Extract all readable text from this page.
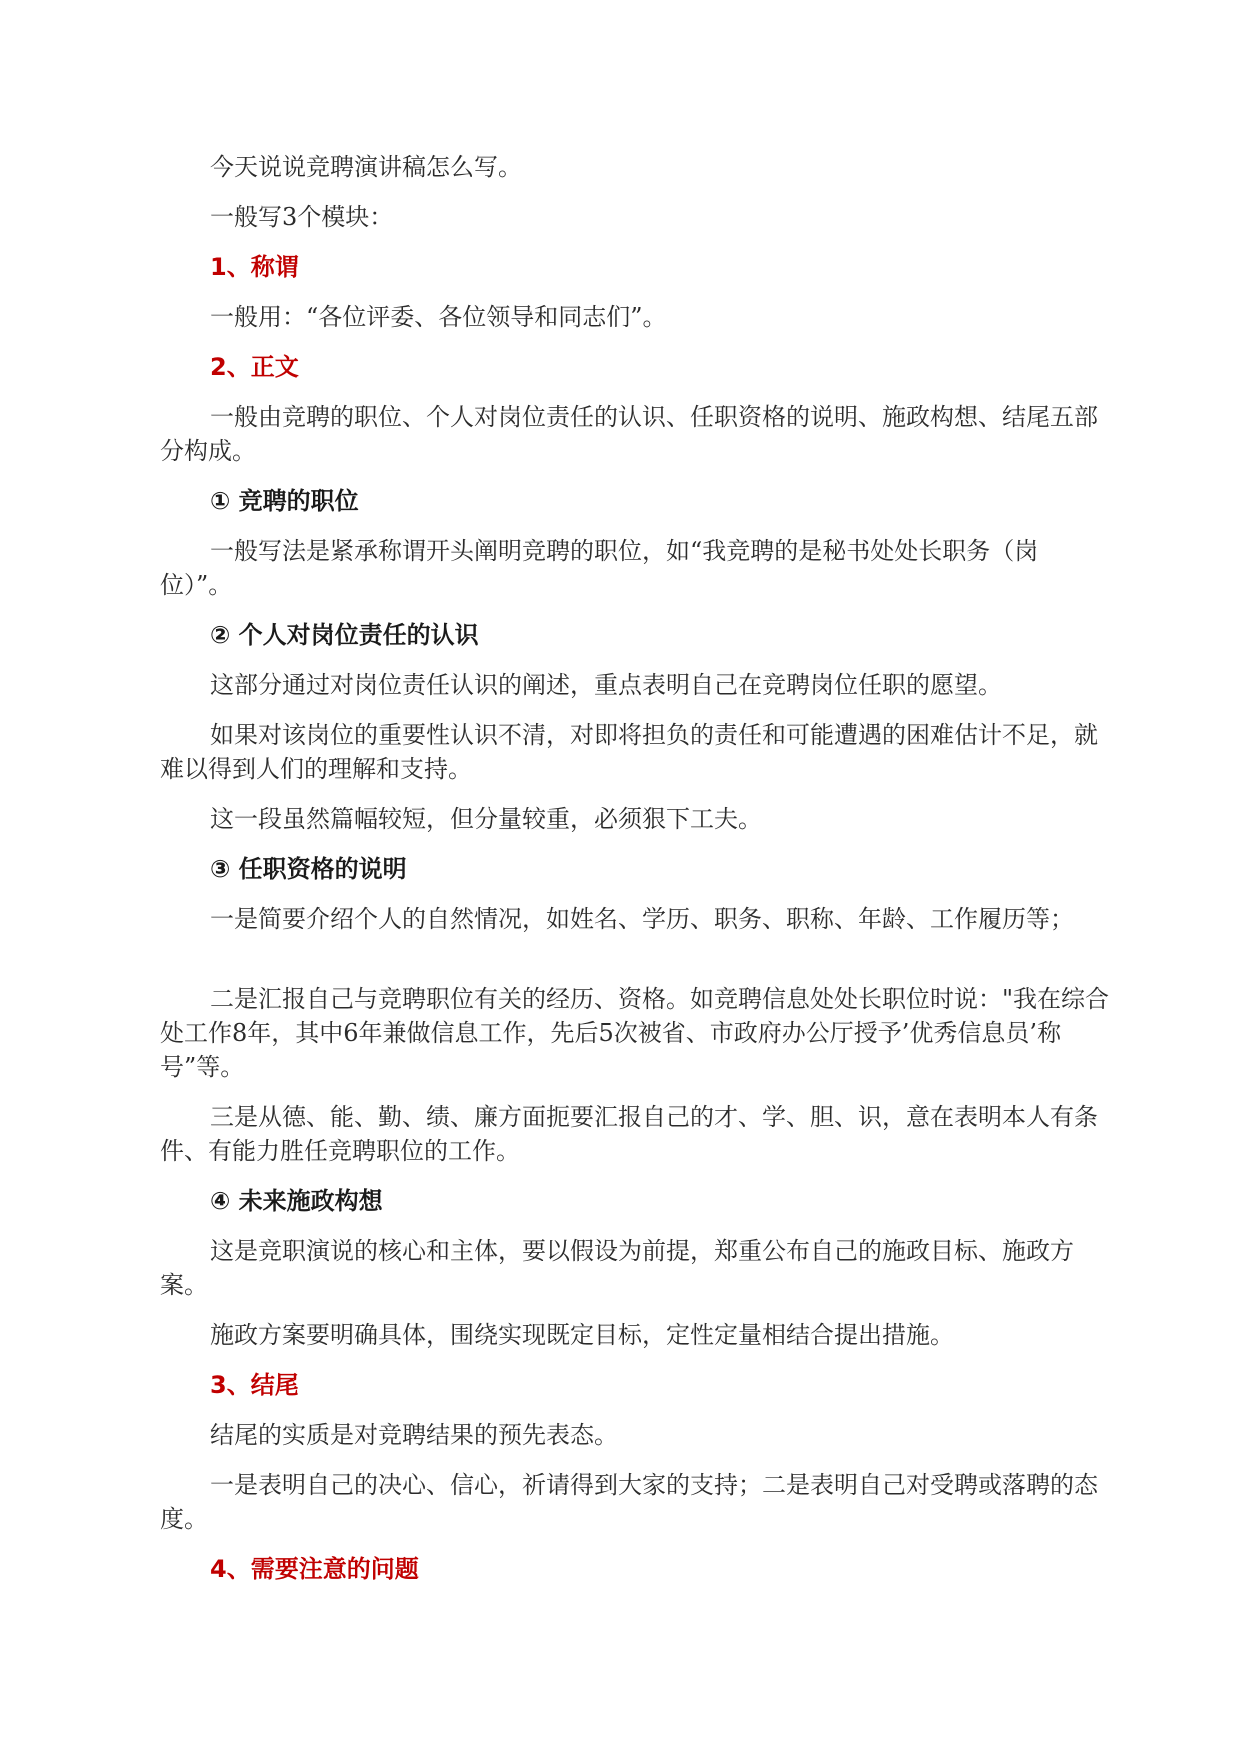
今天说说竞聘演讲稿怎么写。

一般写3个模块：

1、称谓

一般用：“各位评委、各位领导和同志们”。

2、正文

一般由竞聘的职位、个人对岗位责任的认识、任职资格的说明、施政构想、结尾五部分构成。

① 竞聘的职位

一般写法是紧承称谓开头阐明竞聘的职位，如“我竞聘的是秘书处处长职务（岗位）”。

② 个人对岗位责任的认识

这部分通过对岗位责任认识的阐述，重点表明自己在竞聘岗位任职的愿望。

如果对该岗位的重要性认识不清，对即将担负的责任和可能遭遇的困难估计不足，就难以得到人们的理解和支持。

这一段虽然篇幅较短，但分量较重，必须狠下工夫。

③ 任职资格的说明

一是简要介绍个人的自然情况，如姓名、学历、职务、职称、年龄、工作履历等；

二是汇报自己与竞聘职位有关的经历、资格。如竞聘信息处处长职位时说："我在综合处工作8年，其中6年兼做信息工作，先后5次被省、市政府办公厅授予’优秀信息员’称号”等。

三是从德、能、勤、绩、廉方面扼要汇报自己的才、学、胆、识，意在表明本人有条件、有能力胜任竞聘职位的工作。

④ 未来施政构想

这是竞职演说的核心和主体，要以假设为前提，郑重公布自己的施政目标、施政方案。

施政方案要明确具体，围绕实现既定目标，定性定量相结合提出措施。

3、结尾

结尾的实质是对竞聘结果的预先表态。

一是表明自己的决心、信心，祈请得到大家的支持；二是表明自己对受聘或落聘的态度。

4、需要注意的问题
